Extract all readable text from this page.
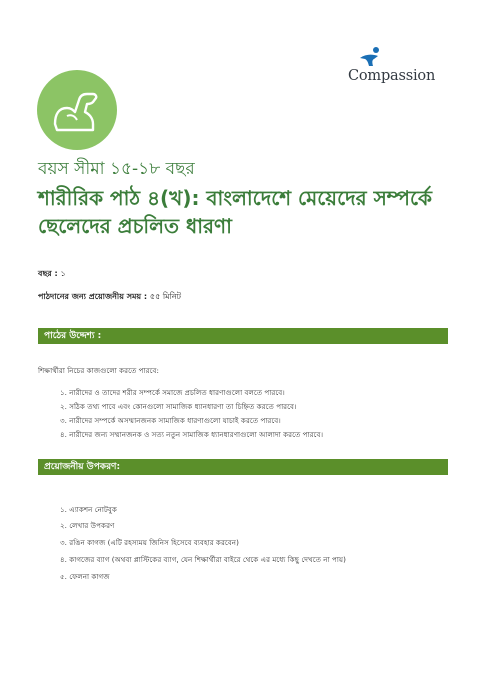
Compassion
বয়স সীমা ১৫-১৮ বছর
শারীরিক পাঠ ৪(খ): বাংলাদেশে মেয়েদের সম্পর্কে ছেলেদের প্রচলিত ধারণা
বছর : ১
পাঠদানের জন্য প্রয়োজনীয় সময় : ৫৫ মিনিট
পাঠের উদ্দেশ্য :
শিক্ষার্থীরা নিচের কাজগুলো করতে পারবে:
১. নারীদের ও তাদের শরীর সম্পর্কে সমাজে প্রচলিত ধারণাগুলো বলতে পারবে।
২. সঠিক তথ্য পাবে এবং কোনগুলো সামাজিক ধ্যানধারণা তা চিহ্নিত করতে পারবে।
৩. নারীদের সম্পর্কে অসম্মানজনক সামাজিক ধারণাগুলো যাচাই করতে পারবে।
৪. নারীদের জন্য সম্মানজনক ও সত্য নতুন সামাজিক ধ্যানধারণাগুলো আলাদা করতে পারবে।
প্রয়োজনীয় উপকরণ:
১. এ্যাকশন নোটবুক
২. লেখার উপকরণ
৩. রঙিন কাগজ (এটি রহস্যময় জিনিস হিসেবে ব্যবহার করবেন)
৪. কাগজের ব্যাগ (অথবা প্লাস্টিকের ব্যাগ, যেন শিক্ষার্থীরা বাইরে থেকে এর মধ্যে কিছু দেখতে না পায়)
৫. ফেলনা কাগজ
